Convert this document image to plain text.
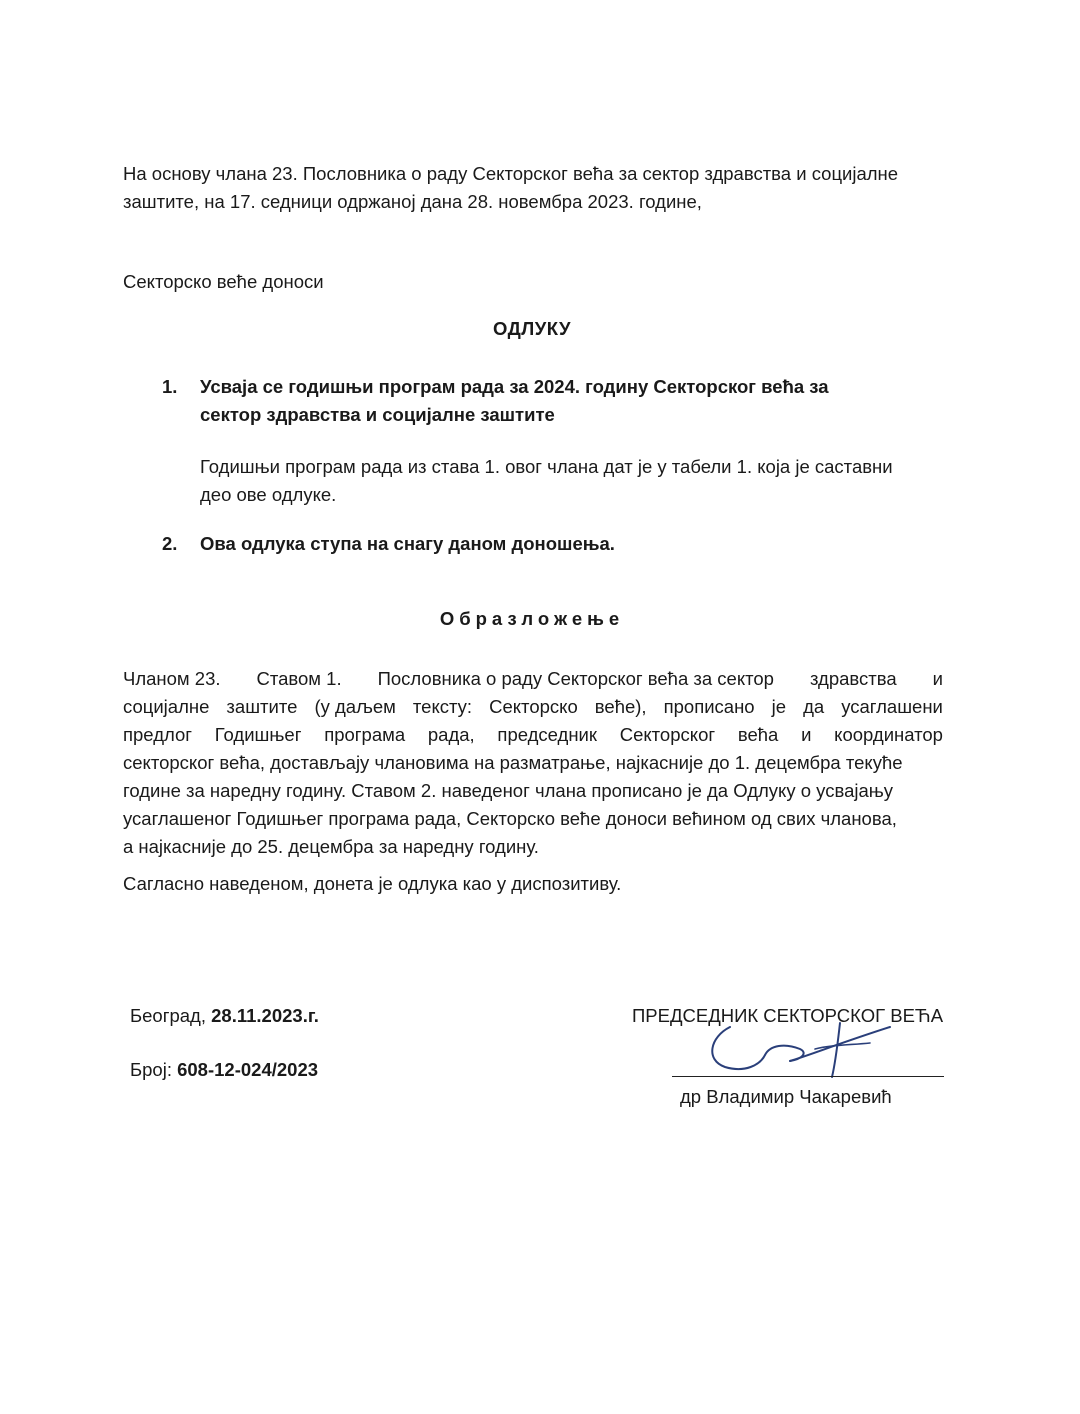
На основу члана 23. Пословника о раду Секторског већа за сектор здравства и социјалне
заштите, на 17. седници одржаној дана 28. новембра 2023. године,
Секторско веће доноси
ОДЛУКУ
1. Усваја се годишњи програм рада за 2024. годину Секторског већа за
сектор здравства и социјалне заштите
Годишњи програм рада из става 1. овог члана дат је у табели 1. која је саставни
део ове одлуке.
2. Ова одлука ступа на снагу даном доношења.
Образложење
Чланом 23. Ставом 1. Пословника о раду Секторског већа за сектор здравства и
социјалне заштите (у даљем тексту: Секторско веће), прописано је да усаглашени
предлог Годишњег програма рада, председник Секторског већа и координатор
секторског већа, достављају члановима на разматрање, најкасније до 1. децембра текуће
године за наредну годину. Ставом 2. наведеног члана прописано је да Одлуку о усвајању
усаглашеног Годишњег програма рада, Секторско веће доноси већином од свих чланова,
а најкасније до 25. децембра за наредну годину.
Сагласно наведеном, донета је одлука као у диспозитиву.
Београд, 28.11.2023.г.
Број: 608-12-024/2023
ПРЕДСЕДНИК СЕКТОРСКОГ ВЕЋА
др Владимир Чакаревић
